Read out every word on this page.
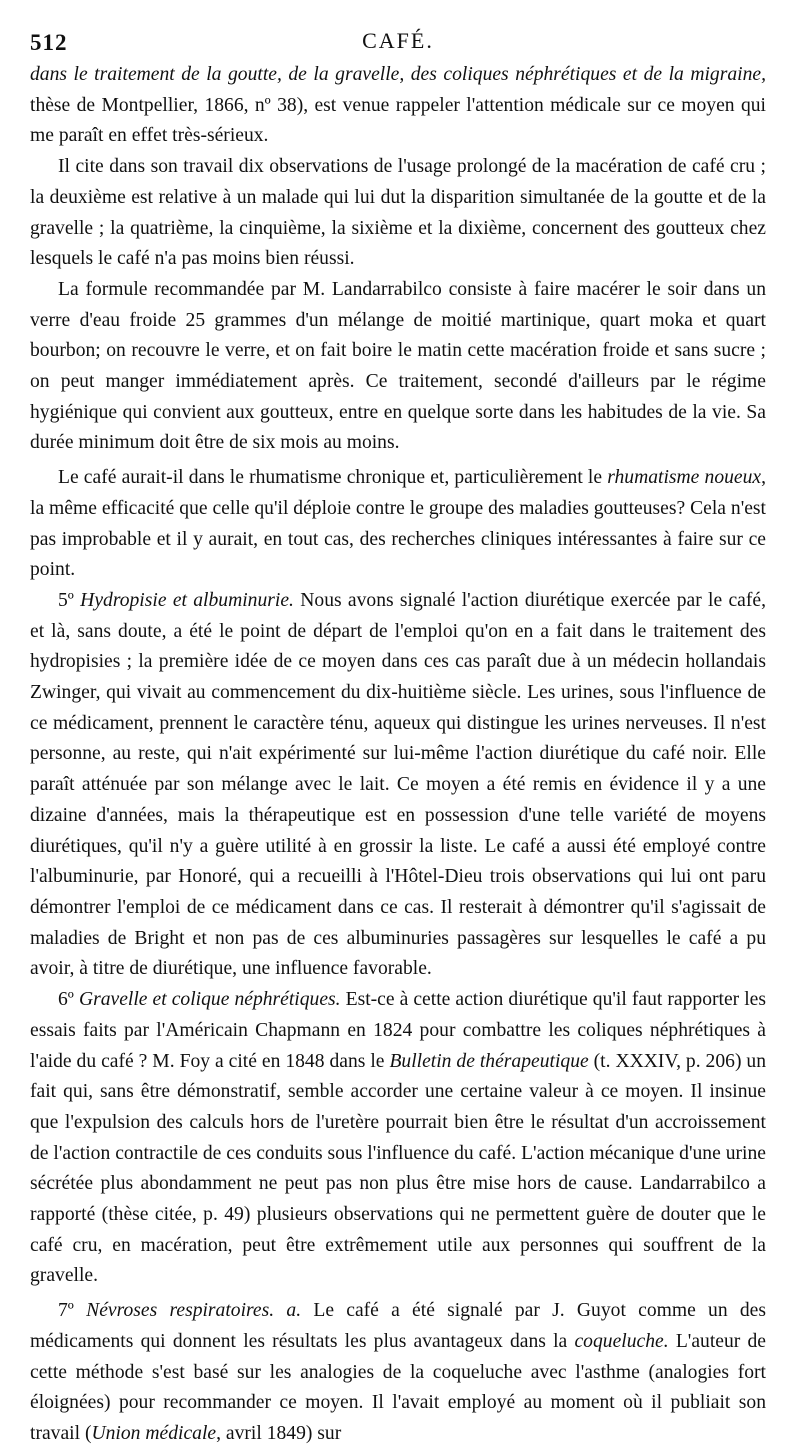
512	CAFÉ.

dans le traitement de la goutte, de la gravelle, des coliques néphrétiques et de la migraine, thèse de Montpellier, 1866, nº 38), est venue rappeler l'attention médicale sur ce moyen qui me paraît en effet très-sérieux.

Il cite dans son travail dix observations de l'usage prolongé de la macération de café cru ; la deuxième est relative à un malade qui lui dut la disparition simultanée de la goutte et de la gravelle ; la quatrième, la cinquième, la sixième et la dixième, concernent des goutteux chez lesquels le café n'a pas moins bien réussi.

La formule recommandée par M. Landarrabilco consiste à faire macérer le soir dans un verre d'eau froide 25 grammes d'un mélange de moitié martinique, quart moka et quart bourbon; on recouvre le verre, et on fait boire le matin cette macération froide et sans sucre ; on peut manger immédiatement après. Ce traitement, secondé d'ailleurs par le régime hygiénique qui convient aux goutteux, entre en quelque sorte dans les habitudes de la vie. Sa durée minimum doit être de six mois au moins.

Le café aurait-il dans le rhumatisme chronique et, particulièrement le rhumatisme noueux, la même efficacité que celle qu'il déploie contre le groupe des maladies goutteuses? Cela n'est pas improbable et il y aurait, en tout cas, des recherches cliniques intéressantes à faire sur ce point.

5º Hydropisie et albuminurie. Nous avons signalé l'action diurétique exercée par le café, et là, sans doute, a été le point de départ de l'emploi qu'on en a fait dans le traitement des hydropisies ; la première idée de ce moyen dans ces cas paraît due à un médecin hollandais Zwinger, qui vivait au commencement du dix-huitième siècle. Les urines, sous l'influence de ce médicament, prennent le caractère ténu, aqueux qui distingue les urines nerveuses. Il n'est personne, au reste, qui n'ait expérimenté sur lui-même l'action diurétique du café noir. Elle paraît atténuée par son mélange avec le lait. Ce moyen a été remis en évidence il y a une dizaine d'années, mais la thérapeutique est en possession d'une telle variété de moyens diurétiques, qu'il n'y a guère utilité à en grossir la liste. Le café a aussi été employé contre l'albuminurie, par Honoré, qui a recueilli à l'Hôtel-Dieu trois observations qui lui ont paru démontrer l'emploi de ce médicament dans ce cas. Il resterait à démontrer qu'il s'agissait de maladies de Bright et non pas de ces albuminuries passagères sur lesquelles le café a pu avoir, à titre de diurétique, une influence favorable.

6º Gravelle et colique néphrétiques. Est-ce à cette action diurétique qu'il faut rapporter les essais faits par l'Américain Chapmann en 1824 pour combattre les coliques néphrétiques à l'aide du café ? M. Foy a cité en 1848 dans le Bulletin de thérapeutique (t. XXXIV, p. 206) un fait qui, sans être démonstratif, semble accorder une certaine valeur à ce moyen. Il insinue que l'expulsion des calculs hors de l'uretère pourrait bien être le résultat d'un accroissement de l'action contractile de ces conduits sous l'influence du café. L'action mécanique d'une urine sécrétée plus abondamment ne peut pas non plus être mise hors de cause. Landarrabilco a rapporté (thèse citée, p. 49) plusieurs observations qui ne permettent guère de douter que le café cru, en macération, peut être extrêmement utile aux personnes qui souffrent de la gravelle.

7º Névroses respiratoires. a. Le café a été signalé par J. Guyot comme un des médicaments qui donnent les résultats les plus avantageux dans la coqueluche. L'auteur de cette méthode s'est basé sur les analogies de la coqueluche avec l'asthme (analogies fort éloignées) pour recommander ce moyen. Il l'avait employé au moment où il publiait son travail (Union médicale, avril 1849) sur
